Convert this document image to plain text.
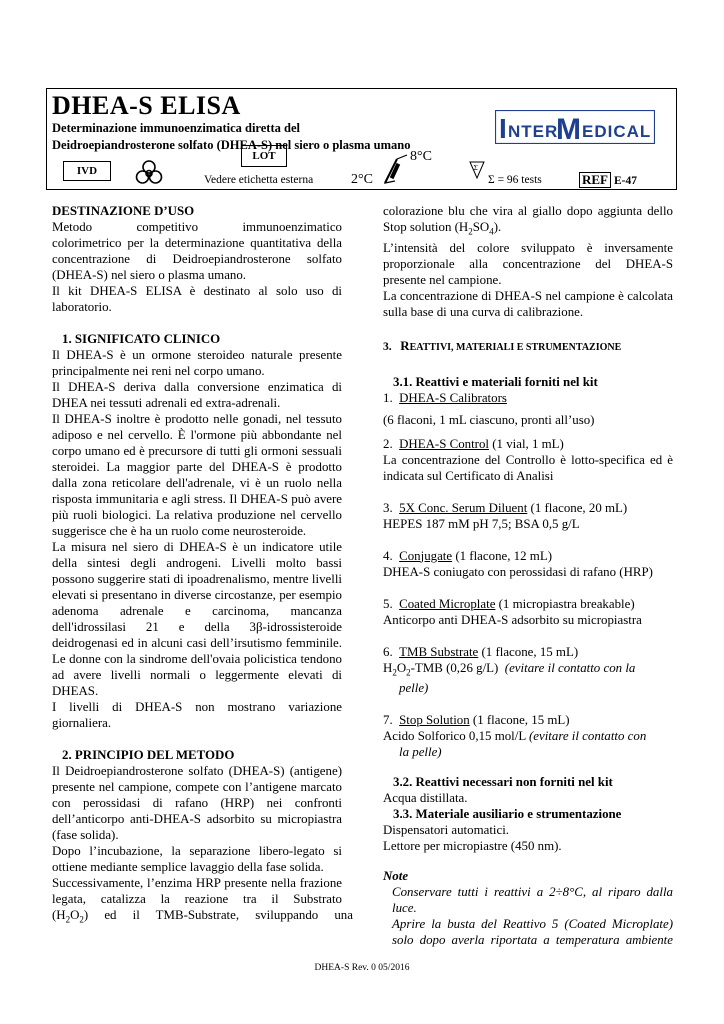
DHEA-S ELISA
Determinazione immunoenzimatica diretta del
Deidroepiandrosterone solfato (DHEA-S) nel siero o plasma umano
I NTER
M EDICAL
LOT
IVD
Vedere etichetta esterna
8°C
2°C
Σ
Σ = 96 tests	REF E-47

DESTINAZIONE D’USO

Metodo competitivo immunoenzimatico

colorimetrico per la determinazione quantitativa della concentrazione di Deidroepiandrosterone solfato (DHEA-S) nel siero o plasma umano.

Il kit DHEA-S ELISA è destinato al solo uso di laboratorio.

1. SIGNIFICATO CLINICO

Il DHEA-S è un ormone steroideo naturale presente principalmente nei reni nel corpo umano.

Il DHEA-S deriva dalla conversione enzimatica di DHEA nei tessuti adrenali ed extra-adrenali.

Il DHEA-S inoltre è prodotto nelle gonadi, nel tessuto adiposo e nel cervello. È l'ormone più abbondante nel corpo umano ed è precursore di tutti gli ormoni sessuali steroidei. La maggior parte del DHEA-S è prodotto dalla zona reticolare dell'adrenale, vi è un ruolo nella risposta immunitaria e agli stress. Il DHEA-S può avere più ruoli biologici. La relativa produzione nel cervello suggerisce che è ha un ruolo come neurosteroide.

La misura nel siero di DHEA-S è un indicatore utile della sintesi degli androgeni. Livelli molto bassi possono suggerire stati di ipoadrenalismo, mentre livelli elevati si presentano in diverse circostanze, per esempio adenoma adrenale e carcinoma, mancanza dell'idrossilasi 21 e della 3β-idrossisteroide deidrogenasi ed in alcuni casi dell’irsutismo femminile. Le donne con la sindrome dell'ovaia policistica tendono ad avere livelli normali o leggermente elevati di DHEAS.

I livelli di DHEA-S non mostrano variazione giornaliera.

2. PRINCIPIO DEL METODO

Il Deidroepiandrosterone solfato (DHEA-S) (antigene) presente nel campione, compete con l’antigene marcato con perossidasi di rafano (HRP) nei confronti dell’anticorpo anti-DHEA-S adsorbito su micropiastra (fase solida).

Dopo l’incubazione, la separazione libero-legato si ottiene mediante semplice lavaggio della fase solida.

Successivamente, l’enzima HRP presente nella frazione legata, catalizza la reazione tra il Substrato

$(H_2O_2)$     ed     il     TMB-Substrate,     sviluppando     una

colorazione blu che vira al giallo dopo aggiunta dello Stop solution $(H_2SO_4)$.

L’intensità del colore sviluppato è inversamente proporzionale alla concentrazione del DHEA-S presente nel campione.

La concentrazione di DHEA-S nel campione è calcolata sulla base di una curva di calibrazione.

3. REATTIVI, MATERIALI E STRUMENTAZIONE

3.1. Reattivi e materiali forniti nel kit

1. DHEA-S Calibrators

(6 flaconi, 1 mL ciascuno, pronti all’uso)

2. DHEA-S Control (1 vial, 1 mL)

La concentrazione del Controllo è lotto-specifica ed è indicata sul Certificato di Analisi

3. 5X Conc. Serum Diluent (1 flacone, 20 mL)

HEPES 187 mM pH 7,5; BSA 0,5 g/L

4. Conjugate (1 flacone, 12 mL)

DHEA-S coniugato con perossidasi di rafano (HRP)

5. Coated Microplate (1 micropiastra breakable)

Anticorpo anti DHEA-S adsorbito su micropiastra

6. TMB Substrate (1 flacone, 15 mL)

$H_2O_2$-TMB (0,26 g/L)  (evitare il contatto con la

pelle)

7. Stop Solution (1 flacone, 15 mL)

Acido Solforico 0,15 mol/L (evitare il contatto con

la pelle)

3.2. Reattivi necessari non forniti nel kit

Acqua distillata.

3.3. Materiale ausiliario e strumentazione

Dispensatori automatici.

Lettore per micropiastre (450 nm).

Note

Conservare tutti i reattivi a 2÷8°C, al riparo dalla luce.

Aprire la busta del Reattivo 5 (Coated Microplate) solo dopo averla riportata a temperatura ambiente

DHEA-S Rev. 0 05/2016
